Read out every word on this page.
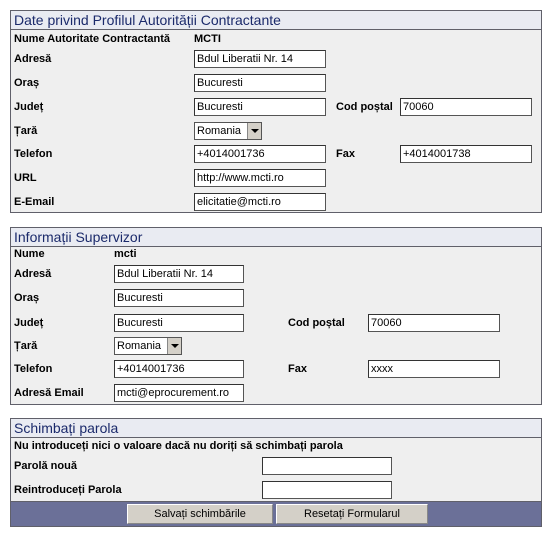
Date privind Profilul Autorității Contractante
Nume Autoritate Contractantă MCTI
Adresă	Bdul Liberatii Nr. 14
Oraș	Bucuresti
Județ	Bucuresti	Cod poștal 70060
Țară	Romania
Telefon	+4014001736	Fax	+4014001738
URL	http://www.mcti.ro
E-Email	elicitatie@mcti.ro
Informații Supervizor
Nume	mcti
Adresă	Bdul Liberatii Nr. 14
Oraș	Bucuresti
Județ	Bucuresti	Cod poștal 70060
Țară	Romania
Telefon	+4014001736	Fax	xxxx
Adresă Email	mcti@eprocurement.ro
Schimbați parola
Nu introduceți nici o valoare dacă nu doriți să schimbați parola
Parolă nouă
Reintroduceți Parola
Salvați schimbările	Resetați Formularul
